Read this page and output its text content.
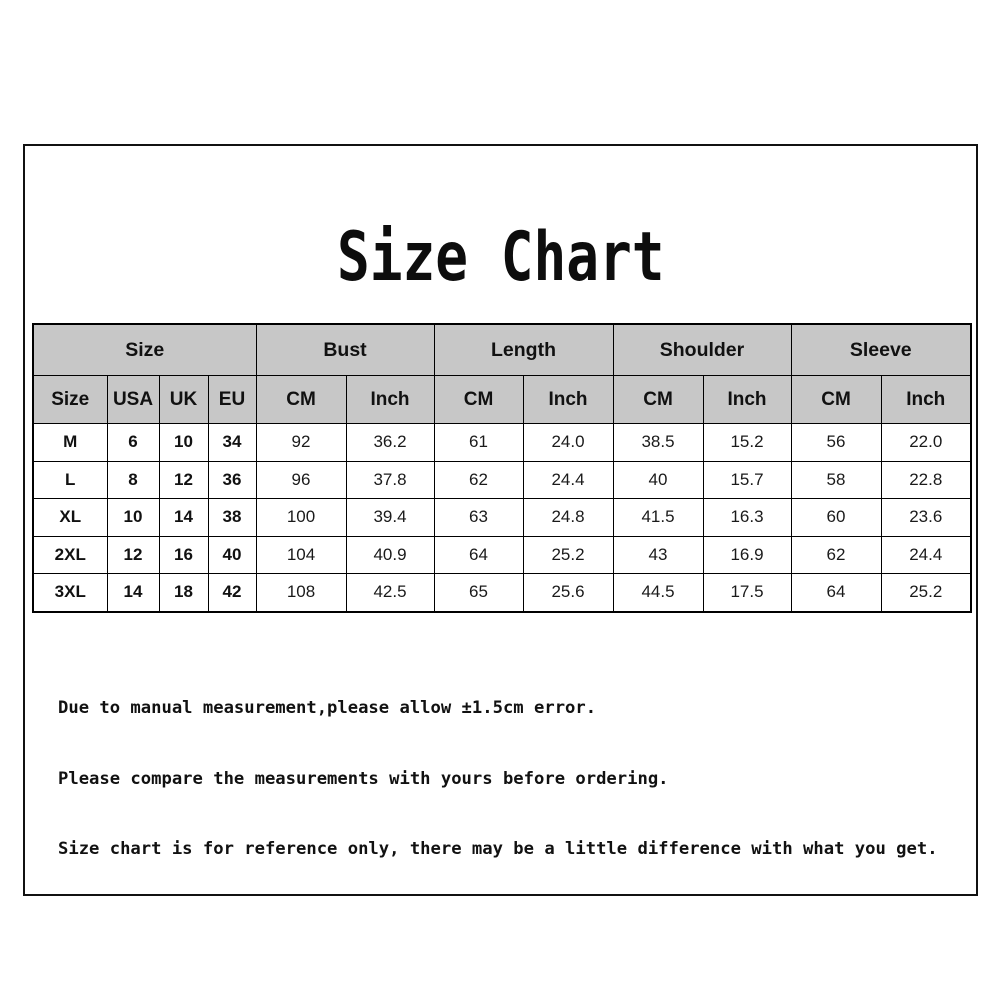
Size Chart
Size				Bust		Length		Shoulder		Sleeve	
Size	USA	UK	EU	CM	Inch	CM	Inch	CM	Inch	CM	Inch
M	6	10	34	92	36.2	61	24.0	38.5	15.2	56	22.0
L	8	12	36	96	37.8	62	24.4	40	15.7	58	22.8
XL	10	14	38	100	39.4	63	24.8	41.5	16.3	60	23.6
2XL	12	16	40	104	40.9	64	25.2	43	16.9	62	24.4
3XL	14	18	42	108	42.5	65	25.6	44.5	17.5	64	25.2

Due to manual measurement,please allow ±1.5cm error.

Please compare the measurements with yours before ordering.

Size chart is for reference only, there may be a little difference with what you get.
